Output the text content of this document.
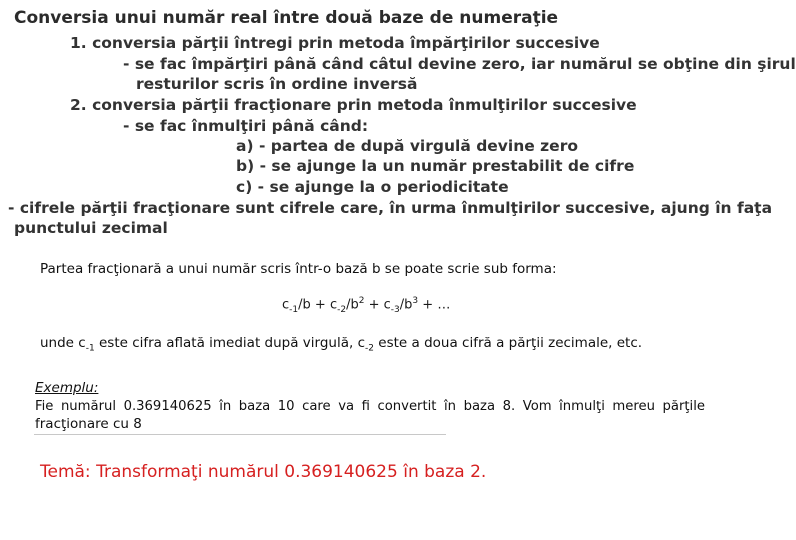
Conversia unui număr real între două baze de numeraţie
1. conversia părţii întregi prin metoda împărţirilor succesive
- se fac împărţiri până când câtul devine zero, iar numărul se obţine din şirul
resturilor scris în ordine inversă
2. conversia părţii fracţionare prin metoda înmulţirilor succesive
- se fac înmulţiri până când:
a) - partea de după virgulă devine zero
b) - se ajunge la un număr prestabilit de cifre
c) - se ajunge la o periodicitate
- cifrele părţii fracţionare sunt cifrele care, în urma înmulţirilor succesive, ajung în faţa
punctului zecimal
Partea fracţionară a unui număr scris într-o bază b se poate scrie sub forma:
$c_{-1}/b + c_{-2}/b^2 + c_{-3}/b^3$ + …
unde $c_{-1}$ este cifra aflată imediat după virgulă, $c_{-2}$ este a doua cifră a părţii zecimale, etc.
Exemplu:
Fie numărul 0.369140625 în baza 10 care va fi convertit în baza 8. Vom înmulţi mereu părţile
fracţionare cu 8
Temă: Transformaţi numărul 0.369140625 în baza 2.
